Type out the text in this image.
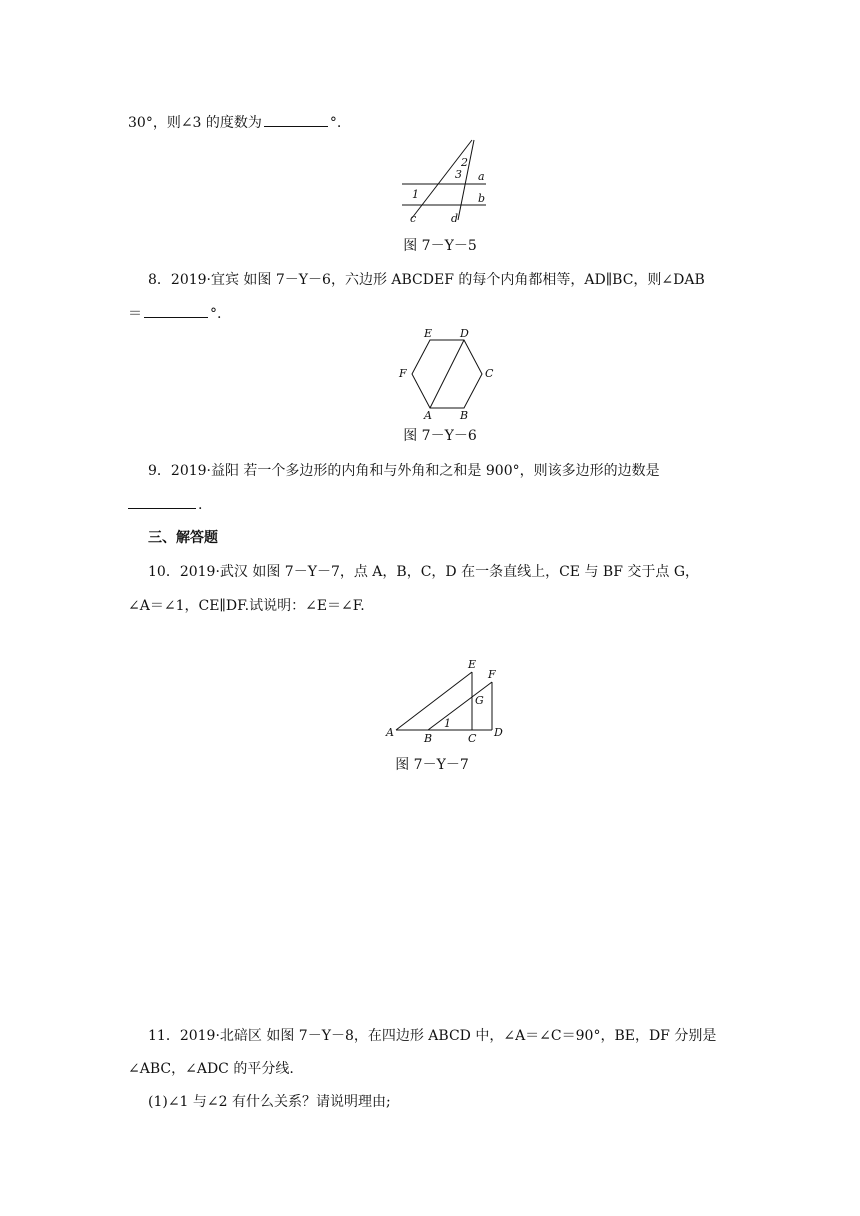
30°，则∠3 的度数为	°.
2
3 a
1	b
c	d
图 7－Y－5
8．2019·宜宾 如图 7－Y－6，六边形 ABCDEF 的每个内角都相等，AD∥BC，则∠DAB
＝	°.
E	D
F	C
A	B
图 7－Y－6
9．2019·益阳 若一个多边形的内角和与外角和之和是 900°，则该多边形的边数是
.
三、解答题
10．2019·武汉 如图 7－Y－7，点 A，B，C，D 在一条直线上，CE 与 BF 交于点 G，
∠A＝∠1，CE∥DF.试说明：∠E＝∠F.
E
F
G
1
A	B	C D
图 7－Y－7
11．2019·北碚区 如图 7－Y－8，在四边形 ABCD 中，∠A＝∠C＝90°，BE，DF 分别是
∠ABC，∠ADC 的平分线.
(1)∠1 与∠2 有什么关系？请说明理由;
